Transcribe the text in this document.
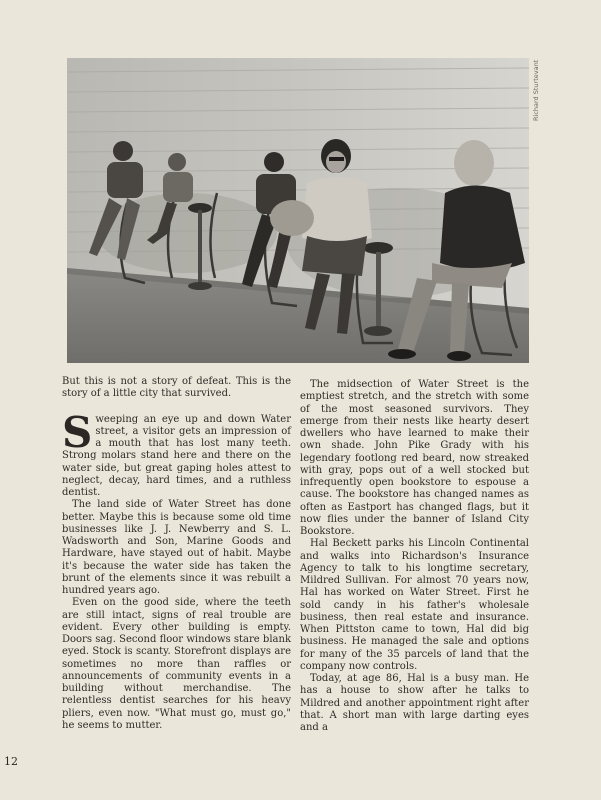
Richard Sturtevant

But this is not a story of defeat. This is the story of a little city that survived.

Sweeping an eye up and down Water street, a visitor gets an impression of a mouth that has lost many teeth. Strong molars stand here and there on the water side, but great gaping holes attest to neglect, decay, hard times, and a ruthless dentist.

The land side of Water Street has done better. Maybe this is because some old time businesses like J. J. Newberry and S. L. Wadsworth and Son, Marine Goods and Hardware, have stayed out of habit. Maybe it's because the water side has taken the brunt of the elements since it was rebuilt a hundred years ago.

Even on the good side, where the teeth are still intact, signs of real trouble are evident. Every other building is empty. Doors sag. Second floor windows stare blank eyed. Stock is scanty. Storefront displays are sometimes no more than raffles or announcements of community events in a building without merchandise. The relentless dentist searches for his heavy pliers, even now. "What must go, must go," he seems to mutter.

The midsection of Water Street is the emptiest stretch, and the stretch with some of the most seasoned survivors. They emerge from their nests like hearty desert dwellers who have learned to make their own shade. John Pike Grady with his legendary footlong red beard, now streaked with gray, pops out of a well stocked but infrequently open bookstore to espouse a cause. The bookstore has changed names as often as Eastport has changed flags, but it now flies under the banner of Island City Bookstore.

Hal Beckett parks his Lincoln Continental and walks into Richardson's Insurance Agency to talk to his longtime secretary, Mildred Sullivan. For almost 70 years now, Hal has worked on Water Street. First he sold candy in his father's wholesale business, then real estate and insurance. When Pittston came to town, Hal did big business. He managed the sale and options for many of the 35 parcels of land that the company now controls.

Today, at age 86, Hal is a busy man. He has a house to show after he talks to Mildred and another appointment right after that. A short man with large darting eyes and a

12
